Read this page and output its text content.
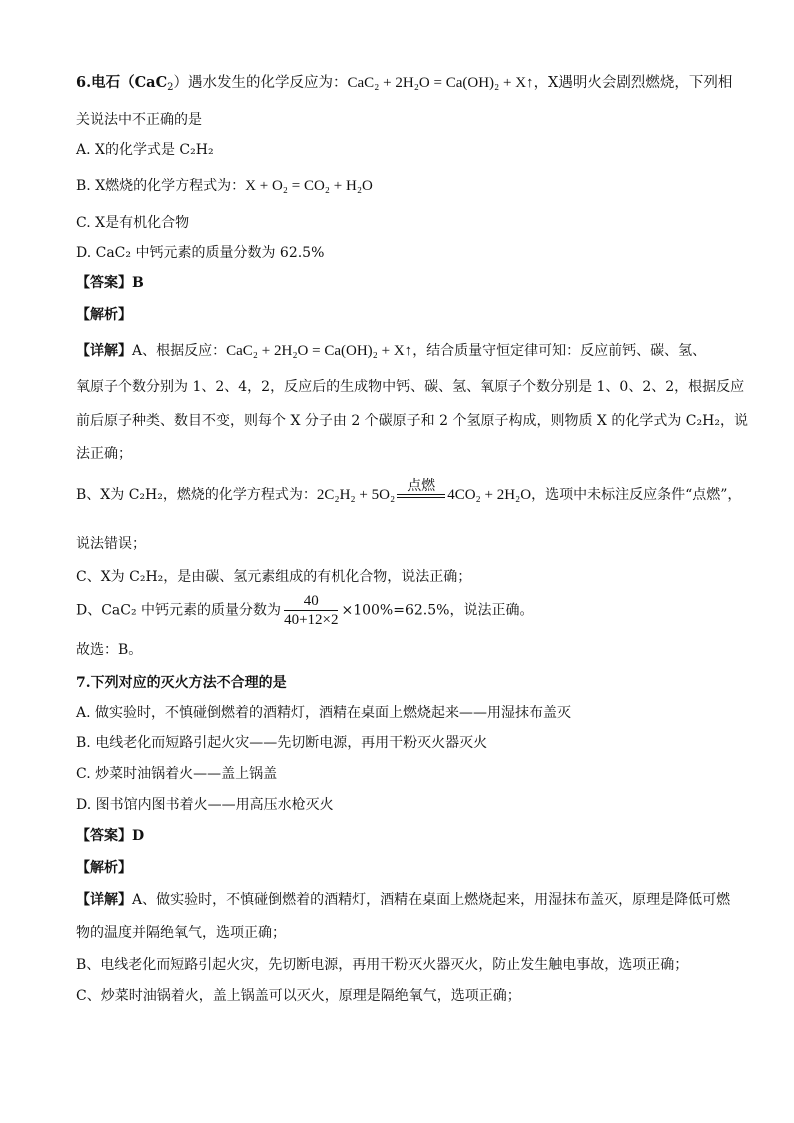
6.电石（CaC$_2$）遇水发生的化学反应为：CaC₂ + 2H₂O = Ca(OH)₂ + X↑，X遇明火会剧烈燃烧，下列相
关说法中不正确的是
A. X的化学式是 C₂H₂
B. X燃烧的化学方程式为：X + O₂ = CO₂ + H₂O
C. X是有机化合物
D. CaC₂ 中钙元素的质量分数为 62.5%
【答案】B
【解析】
【详解】A、根据反应：CaC₂ + 2H₂O = Ca(OH)₂ + X↑，结合质量守恒定律可知：反应前钙、碳、氢、
氧原子个数分别为 1、2、4，2，反应后的生成物中钙、碳、氢、氧原子个数分别是 1、0、2、2，根据反应
前后原子种类、数目不变，则每个 X 分子由 2 个碳原子和 2 个氢原子构成，则物质 X 的化学式为 C₂H₂，说
法正确；
B、X为 C₂H₂，燃烧的化学方程式为：2C₂H₂ + 5O₂
点燃
4CO₂ + 2H₂O，选项中未标注反应条件“点燃”，
说法错误；
C、X为 C₂H₂，是由碳、氢元素组成的有机化合物，说法正确；
D、CaC₂ 中钙元素的质量分数为 $\frac{40}{40+12\times 2} \times 100\%=62.5\%$，说法正确。
故选：B。
7.下列对应的灭火方法不合理的是
A. 做实验时，不慎碰倒燃着的酒精灯，酒精在桌面上燃烧起来——用湿抹布盖灭
B. 电线老化而短路引起火灾——先切断电源，再用干粉灭火器灭火
C. 炒菜时油锅着火——盖上锅盖
D. 图书馆内图书着火——用高压水枪灭火
【答案】D
【解析】
【详解】A、做实验时，不慎碰倒燃着的酒精灯，酒精在桌面上燃烧起来，用湿抹布盖灭，原理是降低可燃
物的温度并隔绝氧气，选项正确；
B、电线老化而短路引起火灾，先切断电源，再用干粉灭火器灭火，防止发生触电事故，选项正确；
C、炒菜时油锅着火，盖上锅盖可以灭火，原理是隔绝氧气，选项正确；
